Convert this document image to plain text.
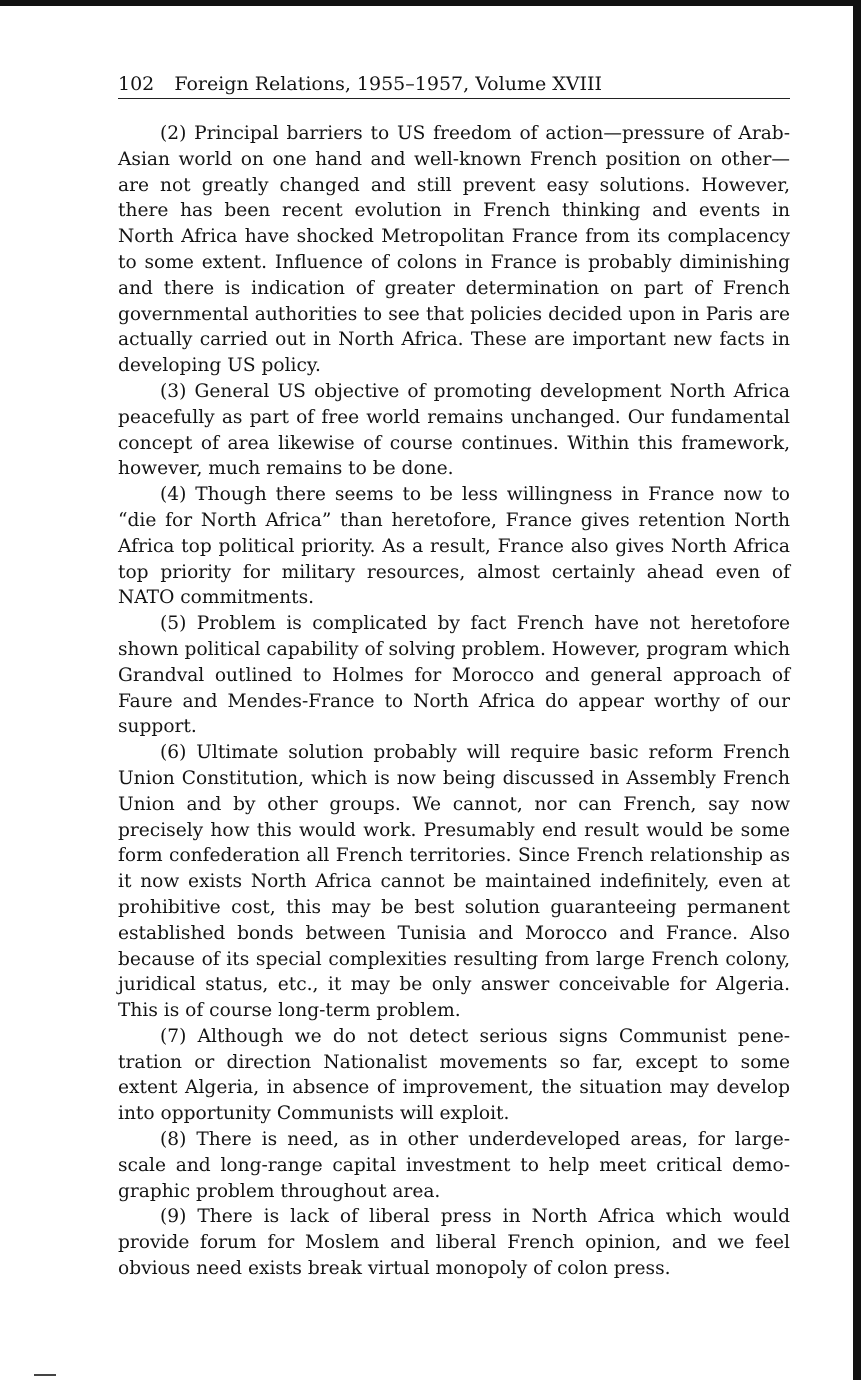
102 Foreign Relations, 1955–1957, Volume XVIII

(2) Principal barriers to US freedom of action—pressure of Arab-Asian world on one hand and well-known French position on other—are not greatly changed and still prevent easy solutions. However, there has been recent evolution in French thinking and events in North Africa have shocked Metropolitan France from its complacency to some extent. Influence of colons in France is probably diminishing and there is indication of greater determination on part of French governmental authorities to see that policies decided upon in Paris are actually carried out in North Africa. These are important new facts in developing US policy.

(3) General US objective of promoting development North Africa peacefully as part of free world remains unchanged. Our fundamental concept of area likewise of course continues. Within this framework, however, much remains to be done.

(4) Though there seems to be less willingness in France now to “die for North Africa” than heretofore, France gives retention North Africa top political priority. As a result, France also gives North Africa top priority for military resources, almost certainly ahead even of NATO commitments.

(5) Problem is complicated by fact French have not heretofore shown political capability of solving problem. However, program which Grandval outlined to Holmes for Morocco and general approach of Faure and Mendes-France to North Africa do appear worthy of our support.

(6) Ultimate solution probably will require basic reform French Union Constitution, which is now being discussed in Assembly French Union and by other groups. We cannot, nor can French, say now precisely how this would work. Presumably end result would be some form confederation all French territories. Since French relationship as it now exists North Africa cannot be maintained indefinitely, even at prohibitive cost, this may be best solution guaranteeing permanent established bonds between Tunisia and Morocco and France. Also because of its special complexities resulting from large French colony, juridical status, etc., it may be only answer conceivable for Algeria. This is of course long-term problem.

(7) Although we do not detect serious signs Communist penetration or direction Nationalist movements so far, except to some extent Algeria, in absence of improvement, the situation may develop into opportunity Communists will exploit.

(8) There is need, as in other underdeveloped areas, for large-scale and long-range capital investment to help meet critical demographic problem throughout area.

(9) There is lack of liberal press in North Africa which would provide forum for Moslem and liberal French opinion, and we feel obvious need exists break virtual monopoly of colon press.
